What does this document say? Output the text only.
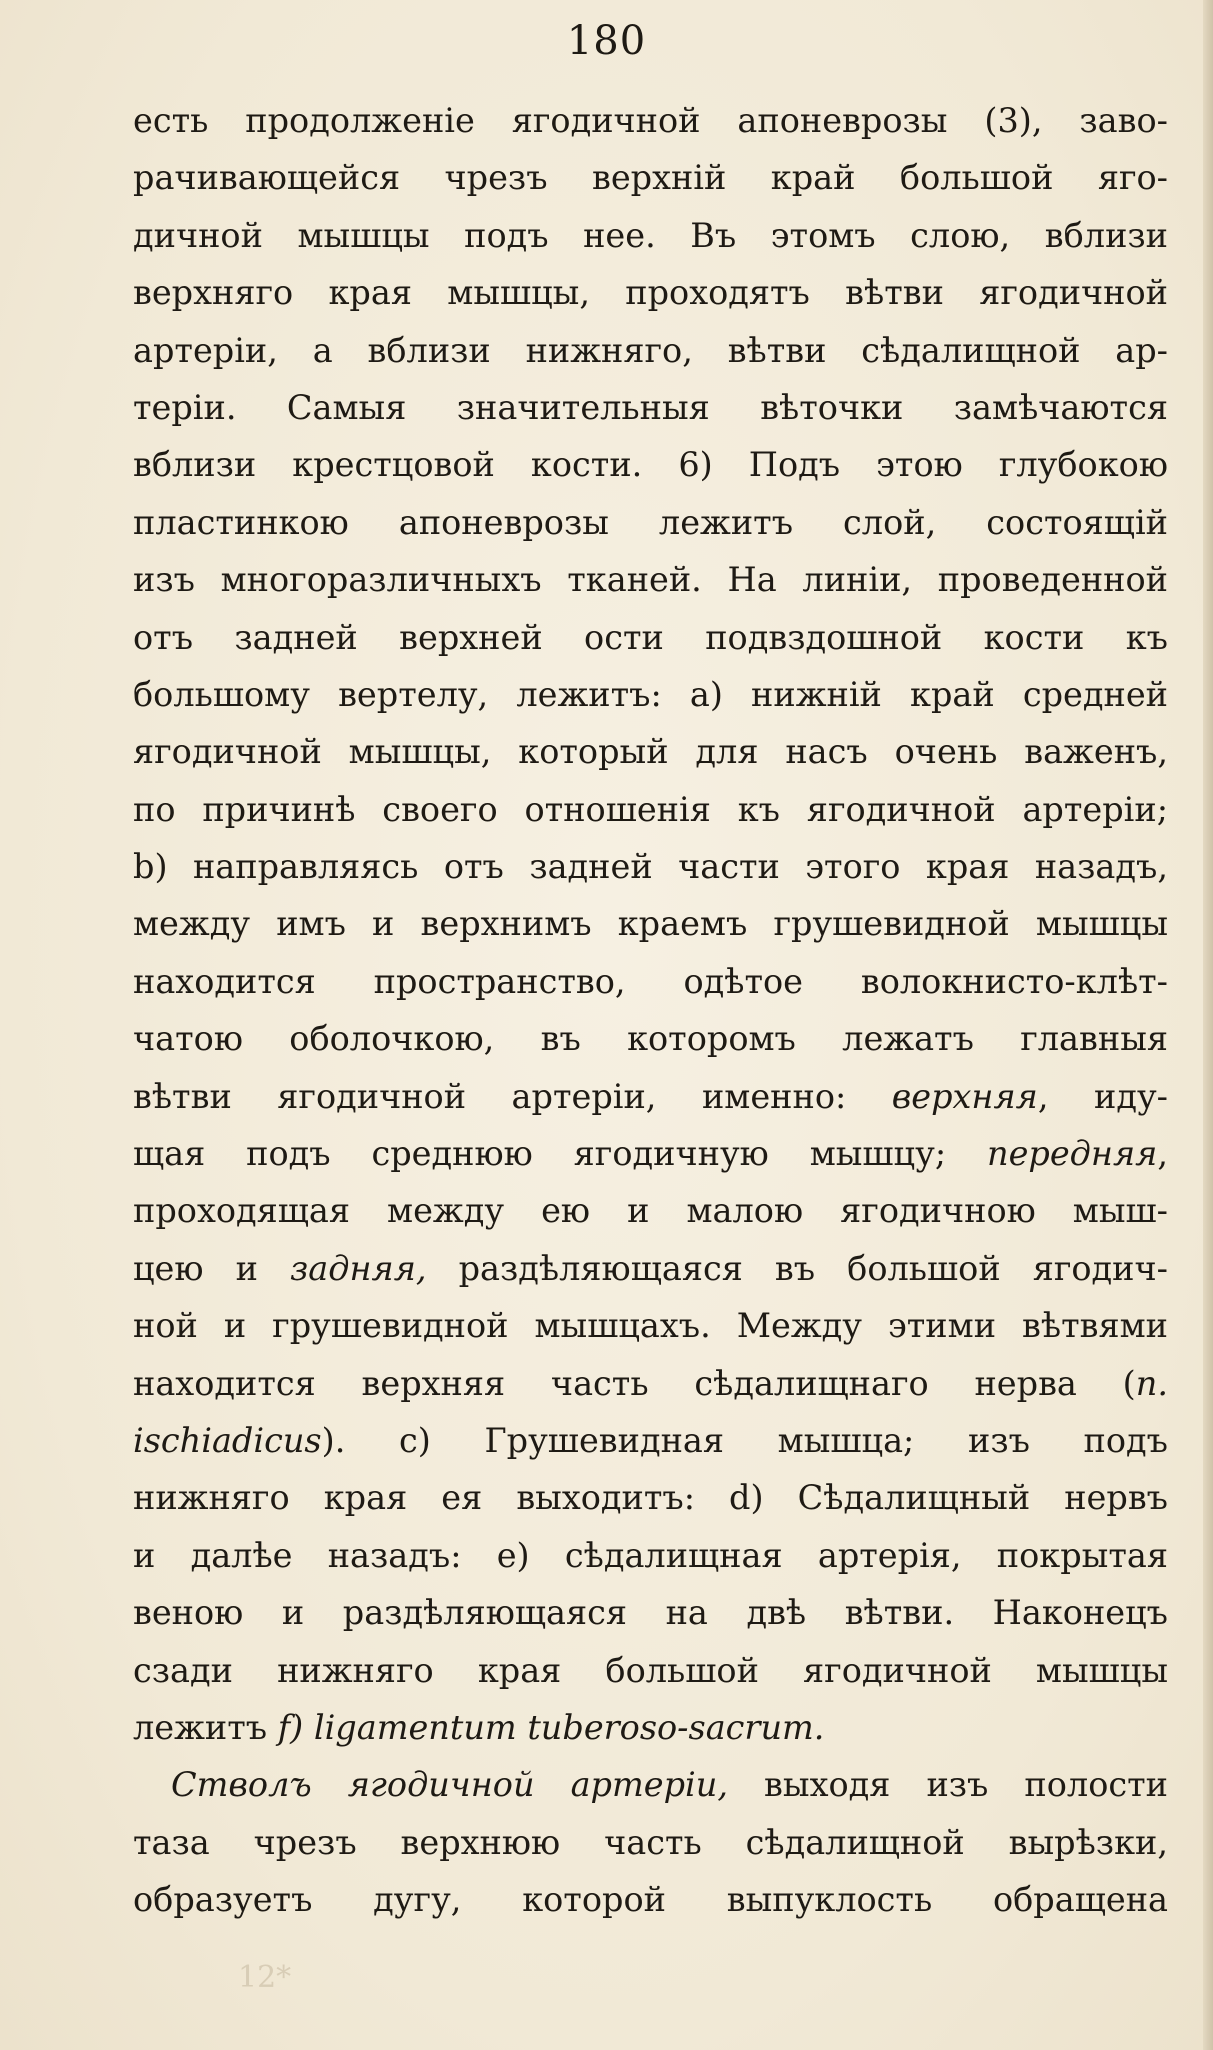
180
есть продолженіе ягодичной апоневрозы (3), заво-
рачивающейся чрезъ верхній край большой яго-
дичной мышцы подъ нее. Въ этомъ слою, вблизи
верхняго края мышцы, проходятъ вѣтви ягодичной
артеріи, а вблизи нижняго, вѣтви сѣдалищной ар-
теріи. Самыя значительныя вѣточки замѣчаются
вблизи крестцовой кости. 6) Подъ этою глубокою
пластинкою апоневрозы лежитъ слой, состоящій
изъ многоразличныхъ тканей. На линіи, проведенной
отъ задней верхней ости подвздошной кости къ
большому вертелу, лежитъ: а) нижній край средней
ягодичной мышцы, который для насъ очень важенъ,
по причинѣ своего отношенія къ ягодичной артеріи;
b) направляясь отъ задней части этого края назадъ,
между имъ и верхнимъ краемъ грушевидной мышцы
находится пространство, одѣтое волокнисто-клѣт-
чатою оболочкою, въ которомъ лежатъ главныя
вѣтви ягодичной артеріи, именно: верхняя, иду-
щая подъ среднюю ягодичную мышцу; передняя,
проходящая между ею и малою ягодичною мыш-
цею и задняя, раздѣляющаяся въ большой ягодич-
ной и грушевидной мышцахъ. Между этими вѣтвями
находится верхняя часть сѣдалищнаго нерва (n.
ischiadicus). c) Грушевидная мышца; изъ подъ
нижняго края ея выходитъ: d) Сѣдалищный нервъ
и далѣе назадъ: e) сѣдалищная артерія, покрытая
веною и раздѣляющаяся на двѣ вѣтви. Наконецъ
сзади нижняго края большой ягодичной мышцы
лежитъ f) ligamentum tuberoso-sacrum.
Стволъ ягодичной артеріи, выходя изъ полости
таза чрезъ верхнюю часть сѣдалищной вырѣзки,
образуетъ дугу, которой выпуклость обращена
12*
